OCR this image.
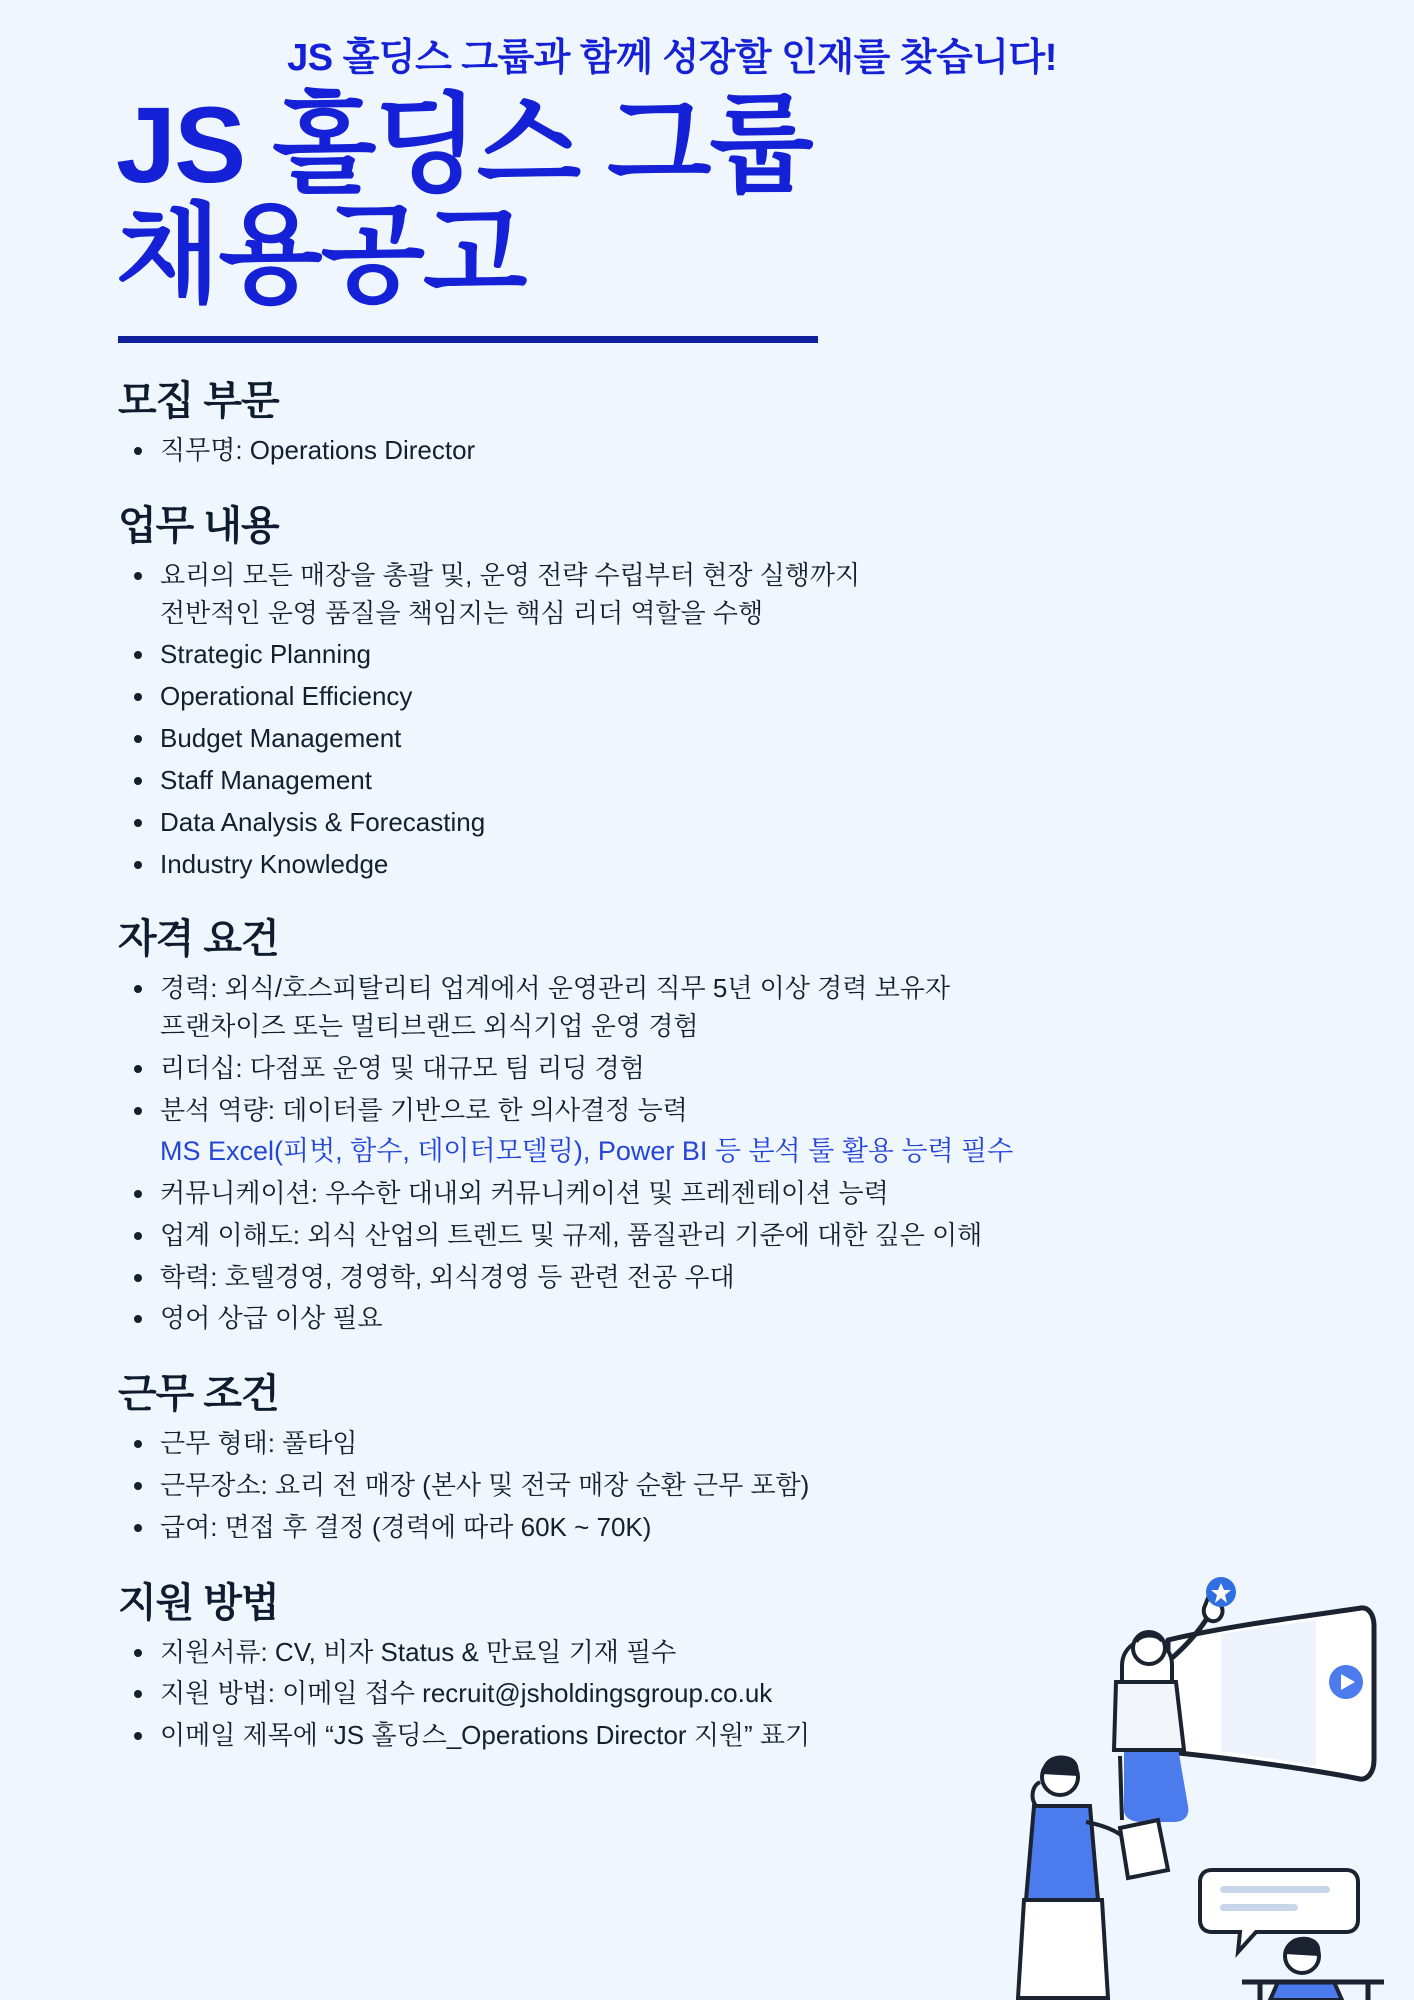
JS 홀딩스 그룹과 함께 성장할 인재를 찾습니다!
JS 홀딩스 그룹
채용공고
모집 부문
직무명: Operations Director
업무 내용
요리의 모든 매장을 총괄 및, 운영 전략 수립부터 현장 실행까지
전반적인 운영 품질을 책임지는 핵심 리더 역할을 수행
Strategic Planning
Operational Efficiency
Budget Management
Staff Management
Data Analysis & Forecasting
Industry Knowledge
자격 요건
경력: 외식/호스피탈리티 업계에서 운영관리 직무 5년 이상 경력 보유자
프랜차이즈 또는 멀티브랜드 외식기업 운영 경험
리더십: 다점포 운영 및 대규모 팀 리딩 경험
분석 역량: 데이터를 기반으로 한 의사결정 능력
MS Excel(피벗, 함수, 데이터모델링), Power BI 등 분석 툴 활용 능력 필수
커뮤니케이션: 우수한 대내외 커뮤니케이션 및 프레젠테이션 능력
업계 이해도: 외식 산업의 트렌드 및 규제, 품질관리 기준에 대한 깊은 이해
학력: 호텔경영, 경영학, 외식경영 등 관련 전공 우대
영어 상급 이상 필요
근무 조건
근무 형태: 풀타임
근무장소: 요리 전 매장 (본사 및 전국 매장 순환 근무 포함)
급여: 면접 후 결정 (경력에 따라 60K ~ 70K)
지원 방법
지원서류: CV, 비자 Status & 만료일 기재 필수
지원 방법: 이메일 접수 recruit@jsholdingsgroup.co.uk
이메일 제목에 “JS 홀딩스_Operations Director 지원” 표기
